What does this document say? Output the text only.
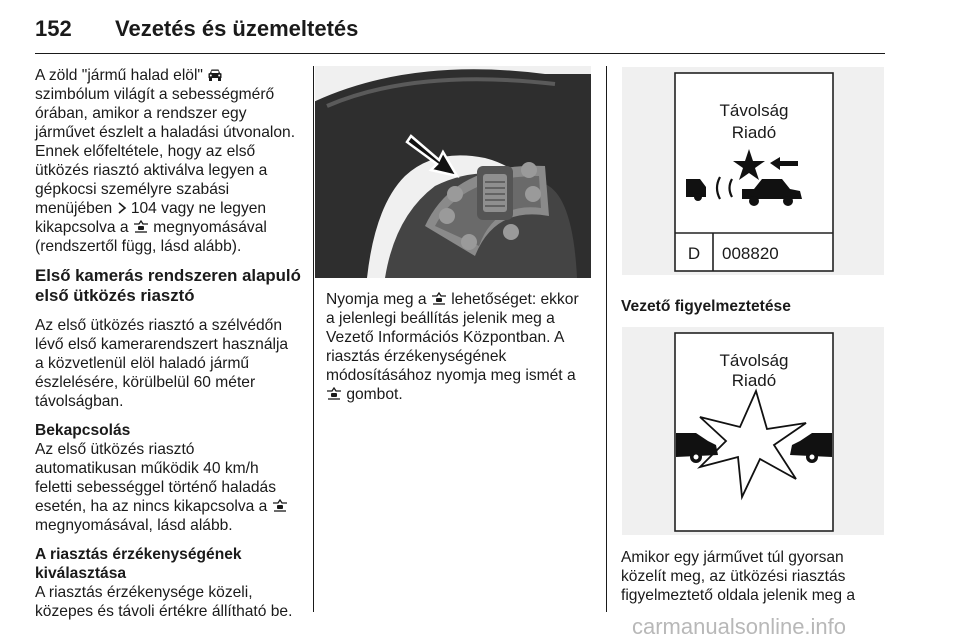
152 Vezetés és üzemeltetés

A zöld "jármű halad elöl"

szimbólum világít a sebességmérő

órában, amikor a rendszer egy

járművet észlelt a haladási útvonalon.

Ennek előfeltétele, hogy az első

ütközés riasztó aktiválva legyen a

gépkocsi személyre szabási

menüjében  104 vagy ne legyen

kikapcsolva a  megnyomásával

(rendszertől függ, lásd alább).

Első kamerás rendszeren alapuló
első ütközés riasztó

Az első ütközés riasztó a szélvédőn

lévő első kamerarendszert használja

a közvetlenül elöl haladó jármű

észlelésére, körülbelül 60 méter

távolságban.

Bekapcsolás

Az első ütközés riasztó

automatikusan működik 40 km/h

feletti sebességgel történő haladás

esetén, ha az nincs kikapcsolva a

megnyomásával, lásd alább.

A riasztás érzékenységének
kiválasztása

A riasztás érzékenysége közeli,

közepes és távoli értékre állítható be.

Nyomja meg a  lehetőséget: ekkor

a jelenlegi beállítás jelenik meg a

Vezető Információs Központban. A

riasztás érzékenységének

módosításához nyomja meg ismét a

gombot.

Távolság
Riadó
D	008820

Vezető figyelmeztetése

Távolság
Riadó

Amikor egy járművet túl gyorsan

közelít meg, az ütközési riasztás

figyelmeztető oldala jelenik meg a

carmanualsonline.info
